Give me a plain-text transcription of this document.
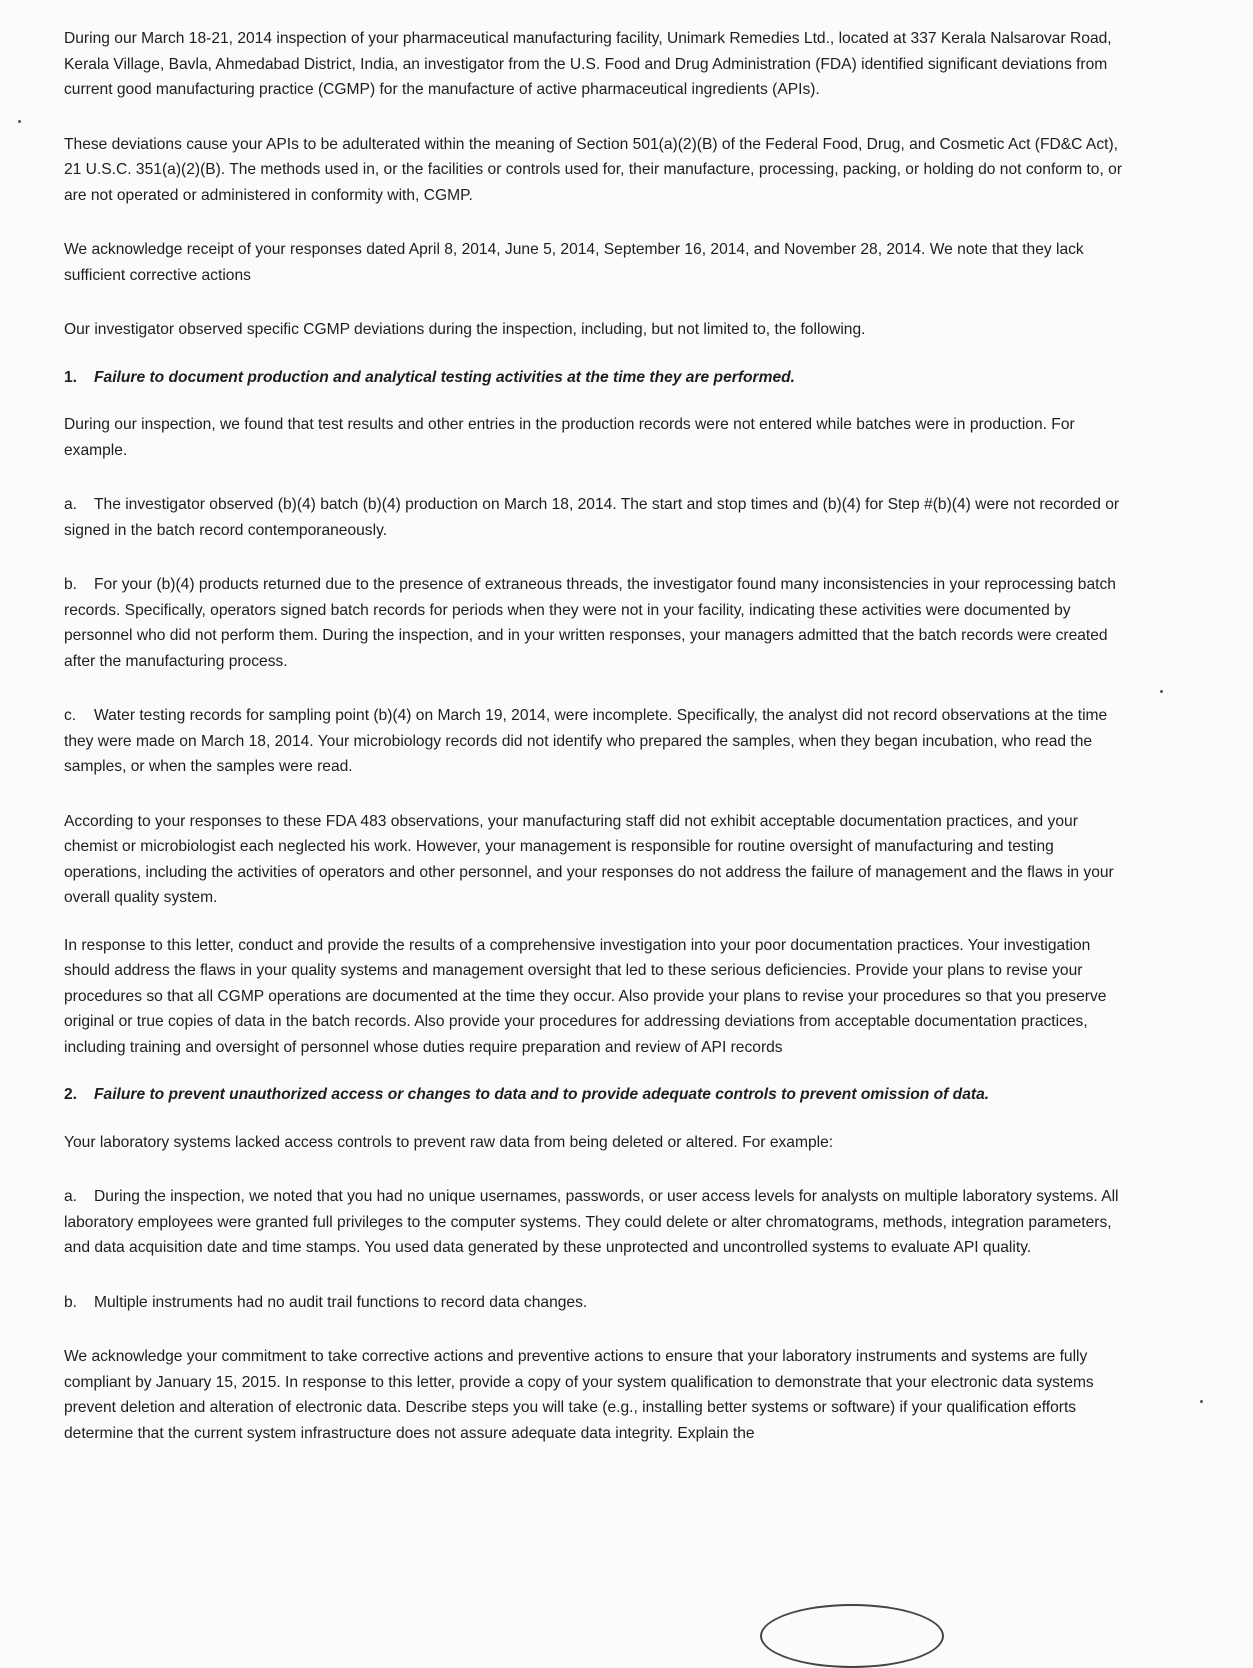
During our March 18-21, 2014 inspection of your pharmaceutical manufacturing facility, Unimark Remedies Ltd., located at 337 Kerala Nalsarovar Road, Kerala Village, Bavla, Ahmedabad District, India, an investigator from the U.S. Food and Drug Administration (FDA) identified significant deviations from current good manufacturing practice (CGMP) for the manufacture of active pharmaceutical ingredients (APIs).

These deviations cause your APIs to be adulterated within the meaning of Section 501(a)(2)(B) of the Federal Food, Drug, and Cosmetic Act (FD&C Act), 21 U.S.C. 351(a)(2)(B). The methods used in, or the facilities or controls used for, their manufacture, processing, packing, or holding do not conform to, or are not operated or administered in conformity with, CGMP.

We acknowledge receipt of your responses dated April 8, 2014, June 5, 2014, September 16, 2014, and November 28, 2014. We note that they lack sufficient corrective actions

Our investigator observed specific CGMP deviations during the inspection, including, but not limited to, the following.

1. Failure to document production and analytical testing activities at the time they are performed.

During our inspection, we found that test results and other entries in the production records were not entered while batches were in production. For example.

a. The investigator observed (b)(4) batch (b)(4) production on March 18, 2014. The start and stop times and (b)(4) for Step #(b)(4) were not recorded or signed in the batch record contemporaneously.

b. For your (b)(4) products returned due to the presence of extraneous threads, the investigator found many inconsistencies in your reprocessing batch records. Specifically, operators signed batch records for periods when they were not in your facility, indicating these activities were documented by personnel who did not perform them. During the inspection, and in your written responses, your managers admitted that the batch records were created after the manufacturing process.

c. Water testing records for sampling point (b)(4) on March 19, 2014, were incomplete. Specifically, the analyst did not record observations at the time they were made on March 18, 2014. Your microbiology records did not identify who prepared the samples, when they began incubation, who read the samples, or when the samples were read.

According to your responses to these FDA 483 observations, your manufacturing staff did not exhibit acceptable documentation practices, and your chemist or microbiologist each neglected his work. However, your management is responsible for routine oversight of manufacturing and testing operations, including the activities of operators and other personnel, and your responses do not address the failure of management and the flaws in your overall quality system.

In response to this letter, conduct and provide the results of a comprehensive investigation into your poor documentation practices. Your investigation should address the flaws in your quality systems and management oversight that led to these serious deficiencies. Provide your plans to revise your procedures so that all CGMP operations are documented at the time they occur. Also provide your plans to revise your procedures so that you preserve original or true copies of data in the batch records. Also provide your procedures for addressing deviations from acceptable documentation practices, including training and oversight of personnel whose duties require preparation and review of API records

2. Failure to prevent unauthorized access or changes to data and to provide adequate controls to prevent omission of data.

Your laboratory systems lacked access controls to prevent raw data from being deleted or altered. For example:

a. During the inspection, we noted that you had no unique usernames, passwords, or user access levels for analysts on multiple laboratory systems. All laboratory employees were granted full privileges to the computer systems. They could delete or alter chromatograms, methods, integration parameters, and data acquisition date and time stamps. You used data generated by these unprotected and uncontrolled systems to evaluate API quality.

b. Multiple instruments had no audit trail functions to record data changes.

We acknowledge your commitment to take corrective actions and preventive actions to ensure that your laboratory instruments and systems are fully compliant by January 15, 2015. In response to this letter, provide a copy of your system qualification to demonstrate that your electronic data systems prevent deletion and alteration of electronic data. Describe steps you will take (e.g., installing better systems or software) if your qualification efforts determine that the current system infrastructure does not assure adequate data integrity. Explain the
